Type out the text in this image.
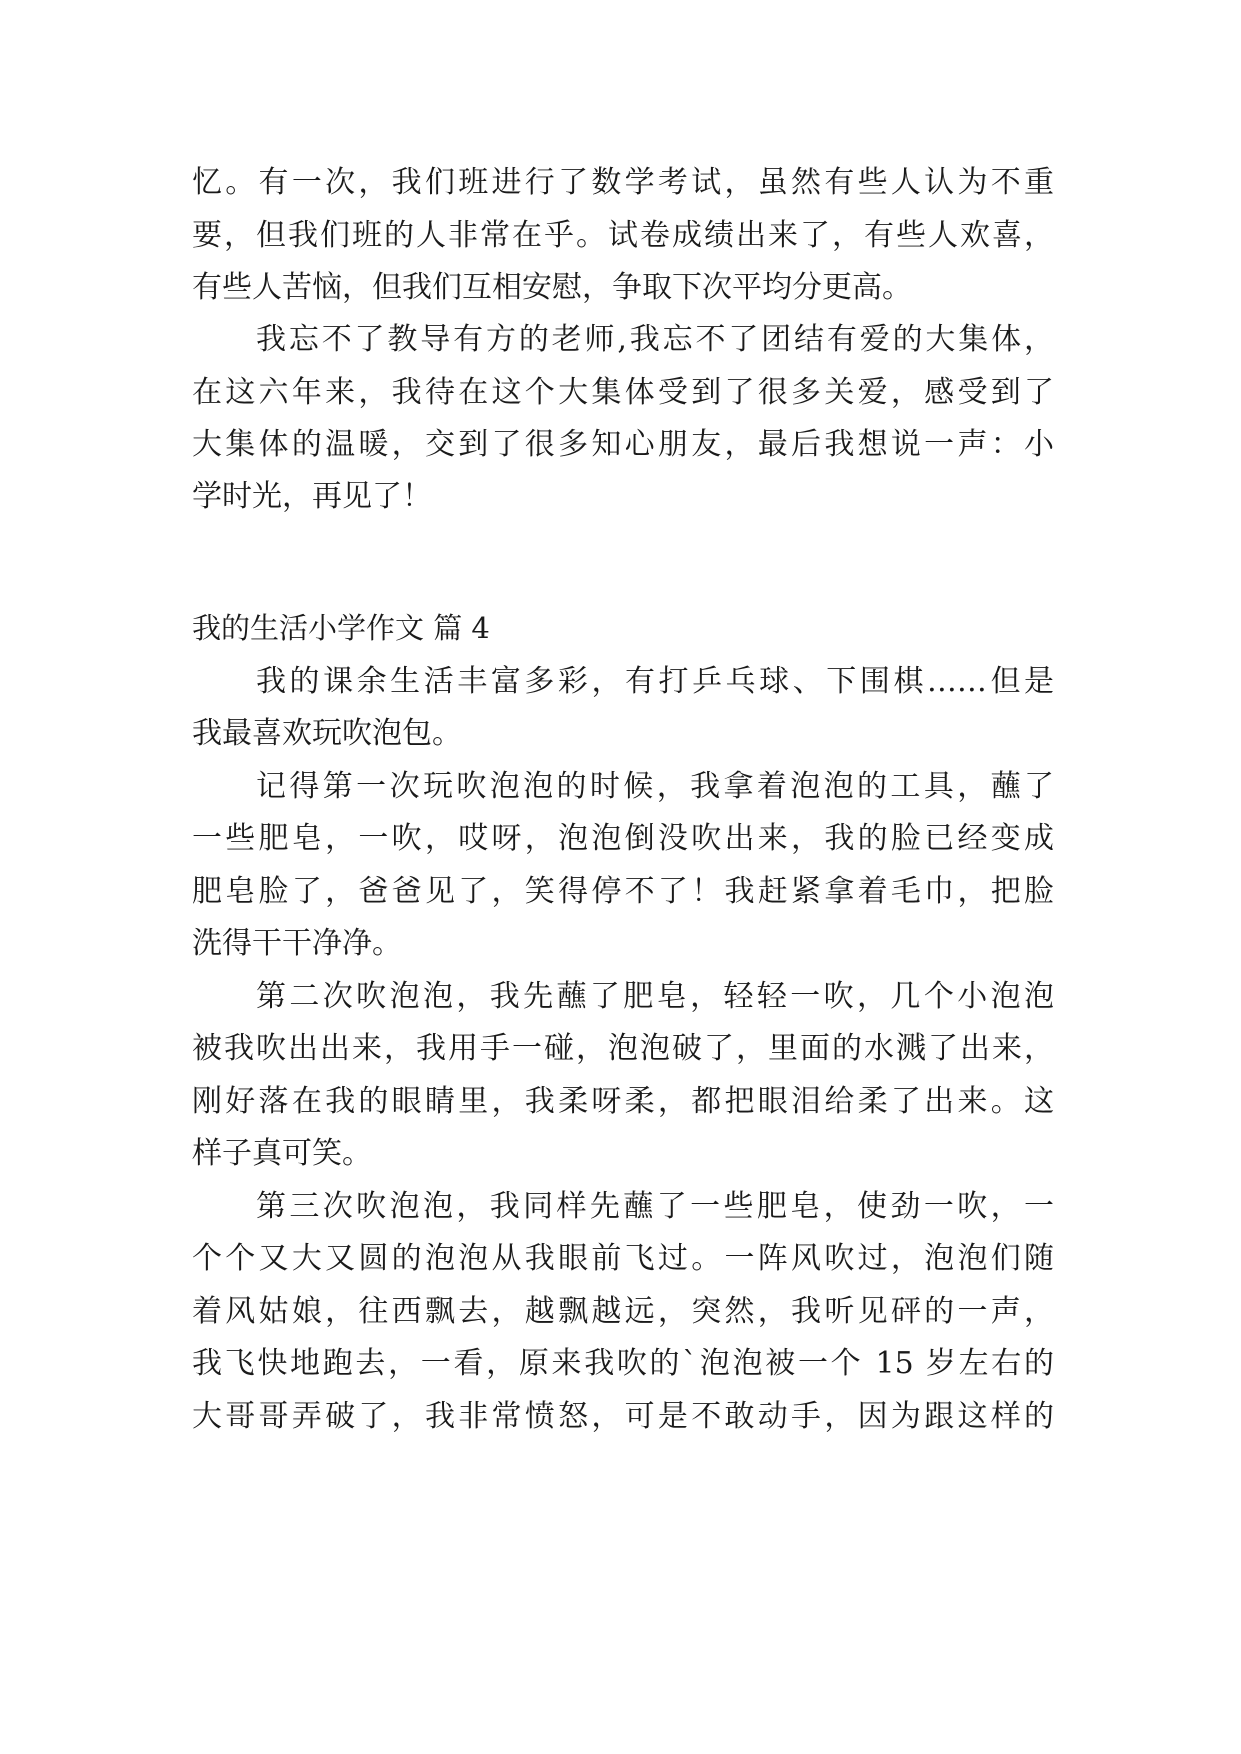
忆。有一次，我们班进行了数学考试，虽然有些人认为不重
要，但我们班的人非常在乎。试卷成绩出来了，有些人欢喜，
有些人苦恼，但我们互相安慰，争取下次平均分更高。
我忘不了教导有方的老师,我忘不了团结有爱的大集体，
在这六年来，我待在这个大集体受到了很多关爱，感受到了
大集体的温暖，交到了很多知心朋友，最后我想说一声：小
学时光，再见了！
我的生活小学作文 篇 4
我的课余生活丰富多彩，有打乒乓球、下围棋……但是
我最喜欢玩吹泡包。
记得第一次玩吹泡泡的时候，我拿着泡泡的工具，蘸了
一些肥皂，一吹，哎呀，泡泡倒没吹出来，我的脸已经变成
肥皂脸了，爸爸见了，笑得停不了！我赶紧拿着毛巾，把脸
洗得干干净净。
第二次吹泡泡，我先蘸了肥皂，轻轻一吹，几个小泡泡
被我吹出出来，我用手一碰，泡泡破了，里面的水溅了出来，
刚好落在我的眼睛里，我柔呀柔，都把眼泪给柔了出来。这
样子真可笑。
第三次吹泡泡，我同样先蘸了一些肥皂，使劲一吹，一
个个又大又圆的泡泡从我眼前飞过。一阵风吹过，泡泡们随
着风姑娘，往西飘去，越飘越远，突然，我听见砰的一声，
我飞快地跑去，一看，原来我吹的`泡泡被一个 15 岁左右的
大哥哥弄破了，我非常愤怒，可是不敢动手，因为跟这样的
